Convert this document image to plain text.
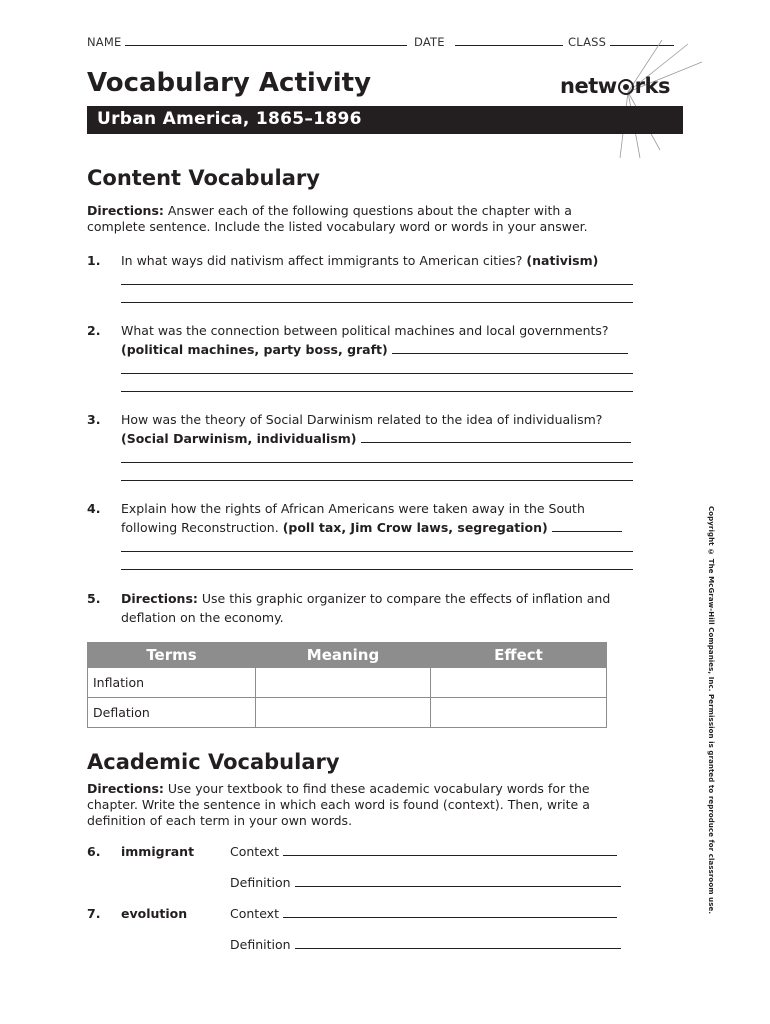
NAME	DATE	CLASS
Vocabulary Activity	netw rks
Urban America, 1865–1896
Content Vocabulary
Directions: Answer each of the following questions about the chapter with a complete sentence. Include the listed vocabulary word or words in your answer.
1. In what ways did nativism affect immigrants to American cities? (nativism)
2. What was the connection between political machines and local governments?
(political machines, party boss, graft)
3. How was the theory of Social Darwinism related to the idea of individualism?
(Social Darwinism, individualism)
4. Explain how the rights of African Americans were taken away in the South following Reconstruction. (poll tax, Jim Crow laws, segregation)
5. Directions: Use this graphic organizer to compare the effects of inflation and deflation on the economy.
Terms	Meaning	Effect
Inflation		
Deflation		
Academic Vocabulary
Directions: Use your textbook to find these academic vocabulary words for the chapter. Write the sentence in which each word is found (context). Then, write a definition of each term in your own words.
6. immigrant	Context
Definition
7. evolution	Context
Definition
Copyright © The McGraw-Hill Companies, Inc. Permission is granted to reproduce for classroom use.
